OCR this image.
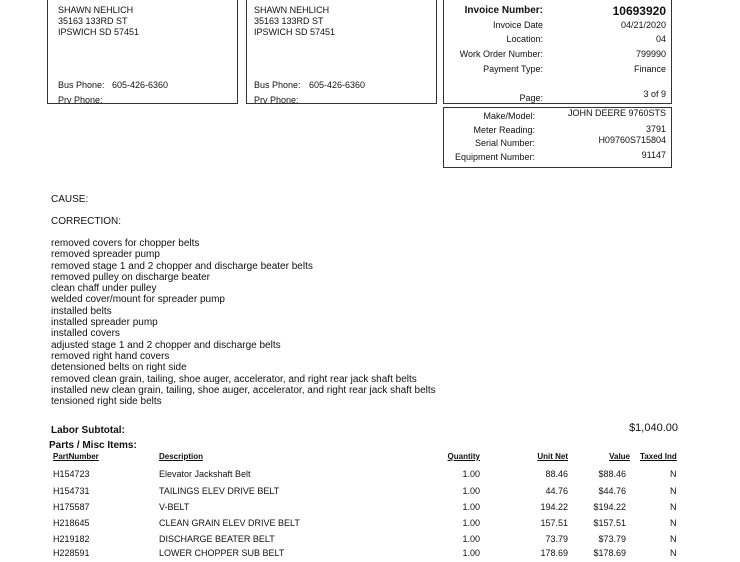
SHAWN NEHLICH
35163 133RD ST
IPSWICH SD 57451
Bus Phone: 605-426-6360
Prv Phone:
SHAWN NEHLICH
35163 133RD ST
IPSWICH SD 57451
Bus Phone: 605-426-6360
Prv Phone:
Invoice Number:	10693920
Invoice Date	04/21/2020
Location:	04
Work Order Number:	799990
Payment Type:	Finance
Page:	3 of 9
Make/Model:	JOHN DEERE 9760STS
Meter Reading:	3791
Serial Number:	H09760S715804
Equipment Number:	91147
CAUSE:
CORRECTION:
removed covers for chopper belts
removed spreader pump
removed stage 1 and 2 chopper and discharge beater belts
removed pulley on discharge beater
clean chaff under pulley
welded cover/mount for spreader pump
installed belts
installed spreader pump
installed covers
adjusted stage 1 and 2 chopper and discharge belts
removed right hand covers
detensioned belts on right side
removed clean grain, tailing, shoe auger, accelerator, and right rear jack shaft belts
installed new clean grain, tailing, shoe auger, accelerator, and right rear jack shaft belts
tensioned right side belts
Labor Subtotal:	$1,040.00
Parts / Misc Items:
PartNumber	Description	Quantity	Unit Net	Value Taxed Ind
H154723	Elevator Jackshaft Belt	1.00	88.46	$88.46	N
H154731	TAILINGS ELEV DRIVE BELT	1.00	44.76	$44.76	N
H175587	V-BELT	1.00	194.22	$194.22	N
H218645	CLEAN GRAIN ELEV DRIVE BELT	1.00	157.51	$157.51	N
H219182	DISCHARGE BEATER BELT	1.00	73.79	$73.79	N
H228591	LOWER CHOPPER SUB BELT	1.00	178.69	$178.69	N
